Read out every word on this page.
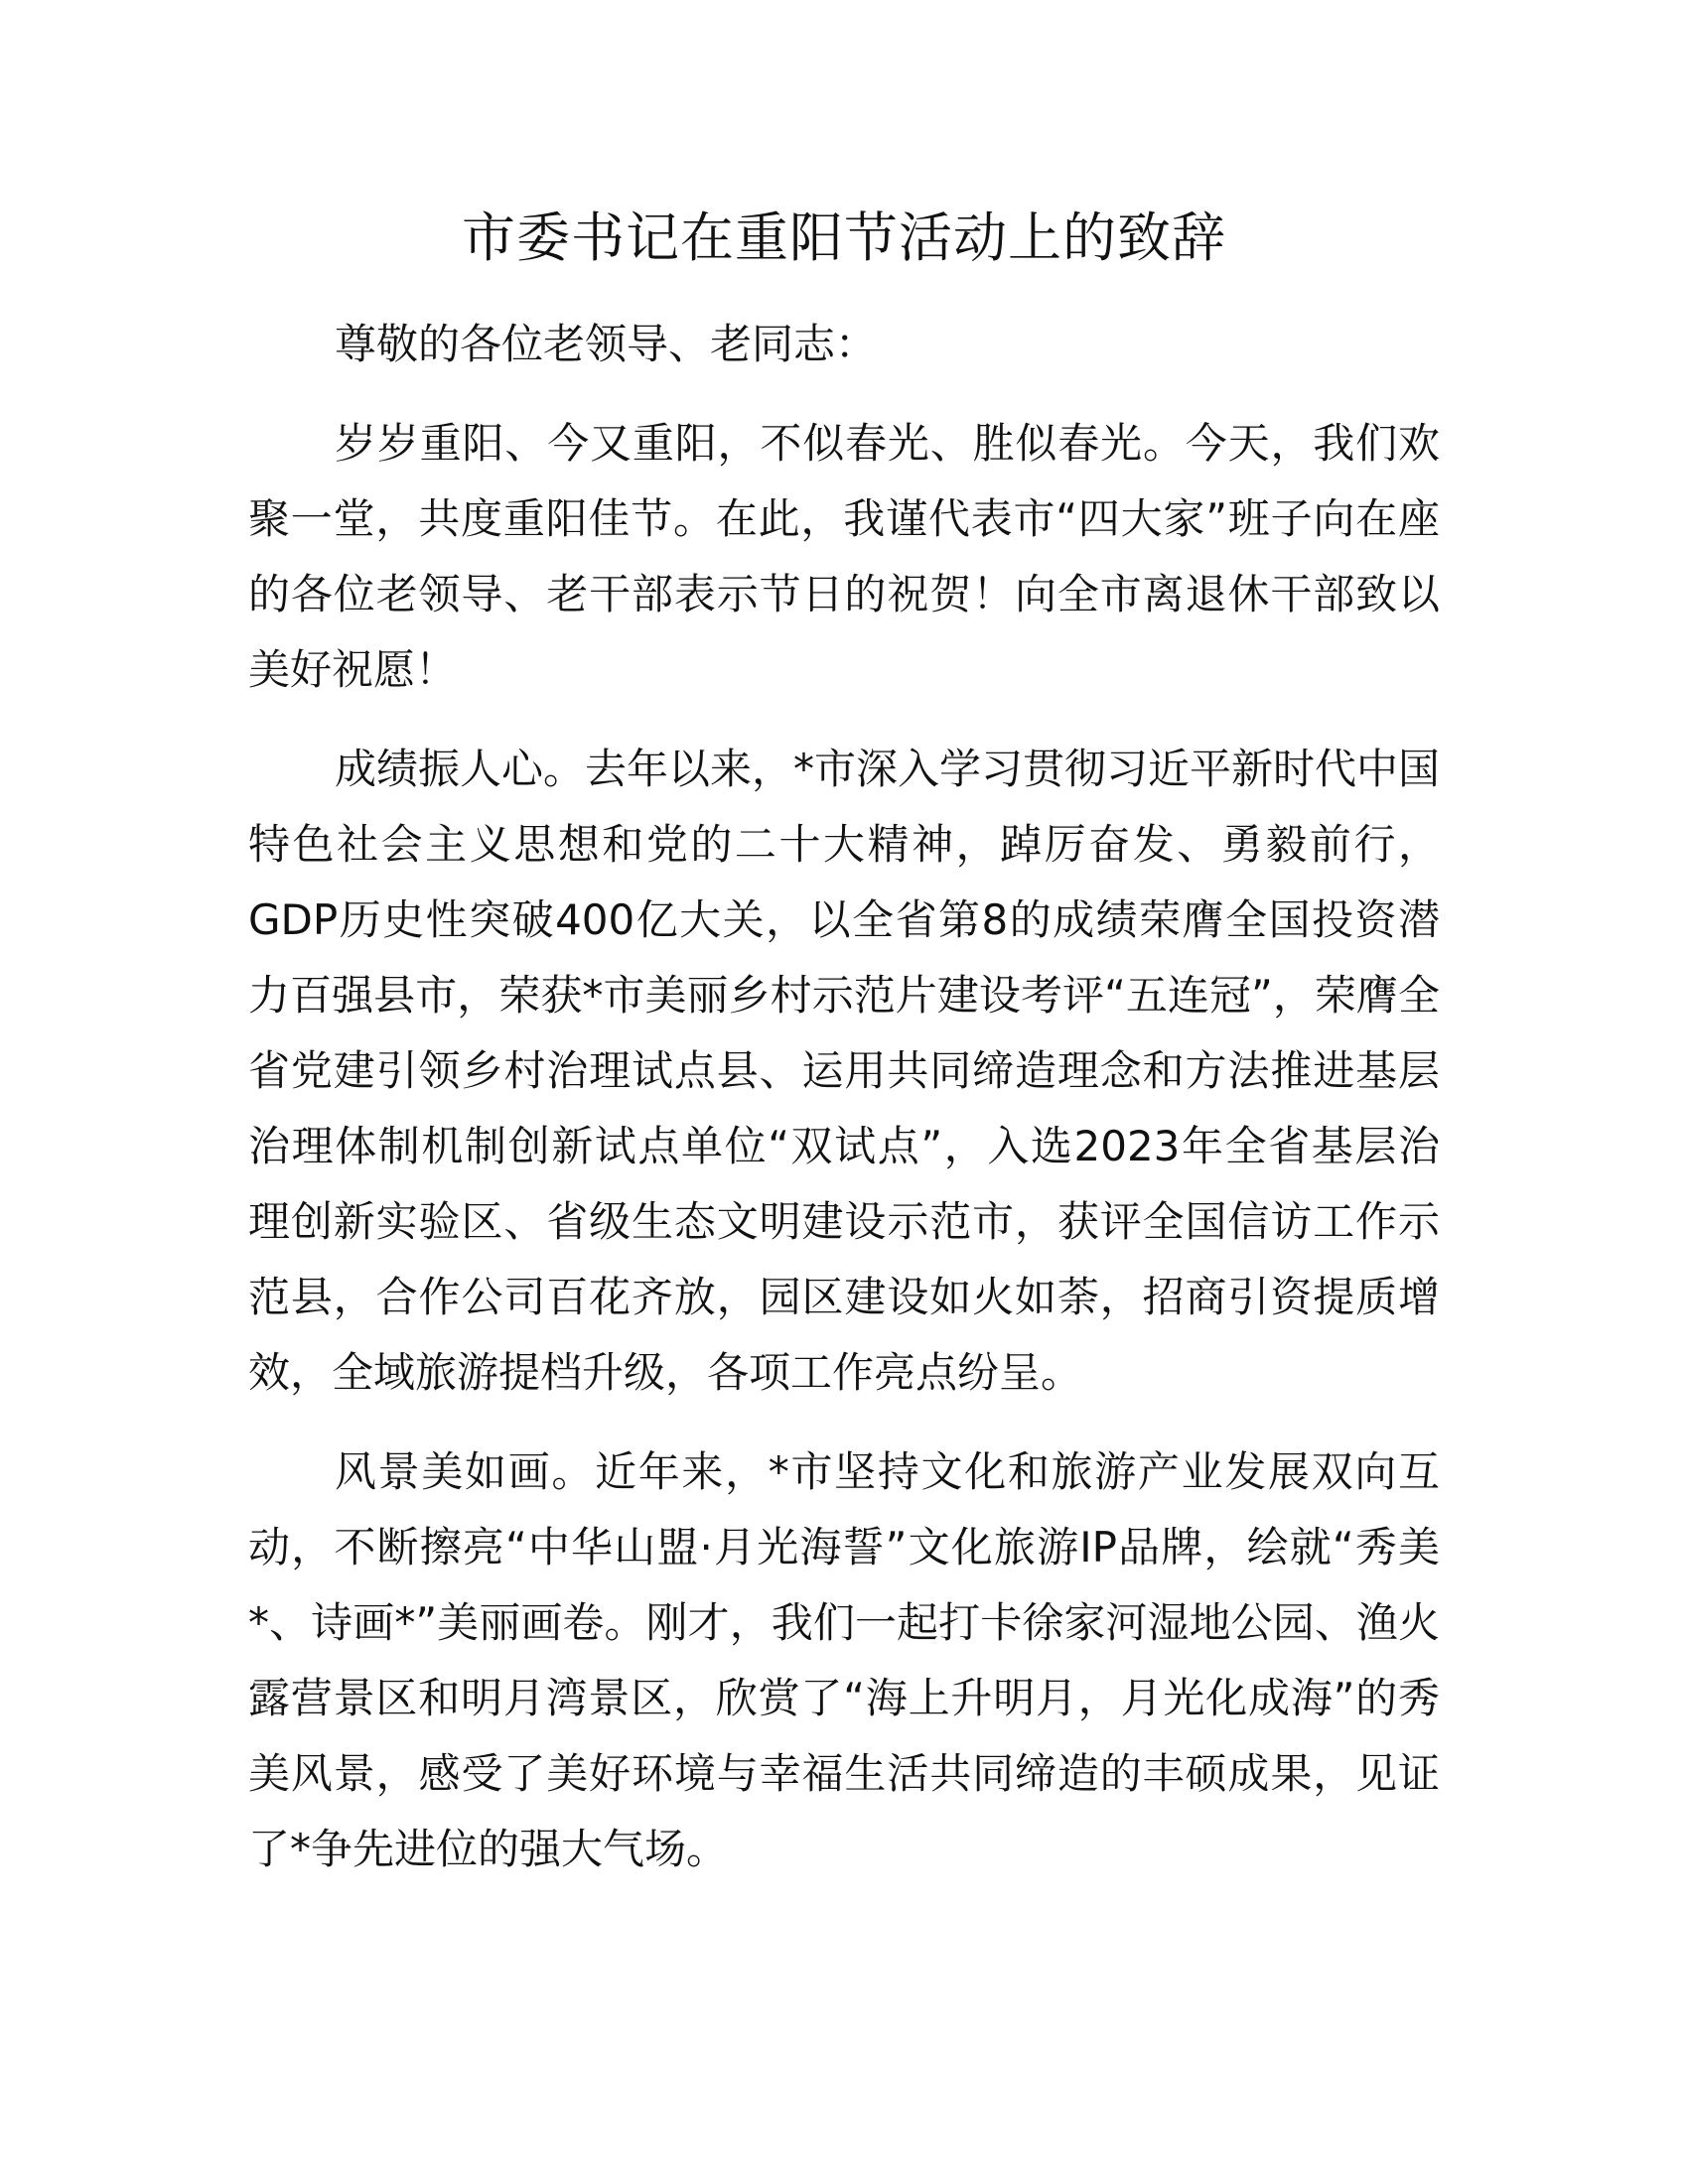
市委书记在重阳节活动上的致辞

尊敬的各位老领导、老同志：

岁岁重阳、今又重阳，不似春光、胜似春光。今天，我们欢聚一堂，共度重阳佳节。在此，我谨代表市“四大家”班子向在座的各位老领导、老干部表示节日的祝贺！向全市离退休干部致以美好祝愿！

成绩振人心。去年以来，*市深入学习贯彻习近平新时代中国特色社会主义思想和党的二十大精神，踔厉奋发、勇毅前行，GDP历史性突破400亿大关，以全省第8的成绩荣膺全国投资潜力百强县市，荣获*市美丽乡村示范片建设考评“五连冠”，荣膺全省党建引领乡村治理试点县、运用共同缔造理念和方法推进基层治理体制机制创新试点单位“双试点”，入选2023年全省基层治理创新实验区、省级生态文明建设示范市，获评全国信访工作示范县，合作公司百花齐放，园区建设如火如荼，招商引资提质增效，全域旅游提档升级，各项工作亮点纷呈。

风景美如画。近年来，*市坚持文化和旅游产业发展双向互动，不断擦亮“中华山盟·月光海誓”文化旅游IP品牌，绘就“秀美*、诗画*”美丽画卷。刚才，我们一起打卡徐家河湿地公园、渔火露营景区和明月湾景区，欣赏了“海上升明月，月光化成海”的秀美风景，感受了美好环境与幸福生活共同缔造的丰硕成果，见证了*争先进位的强大气场。
